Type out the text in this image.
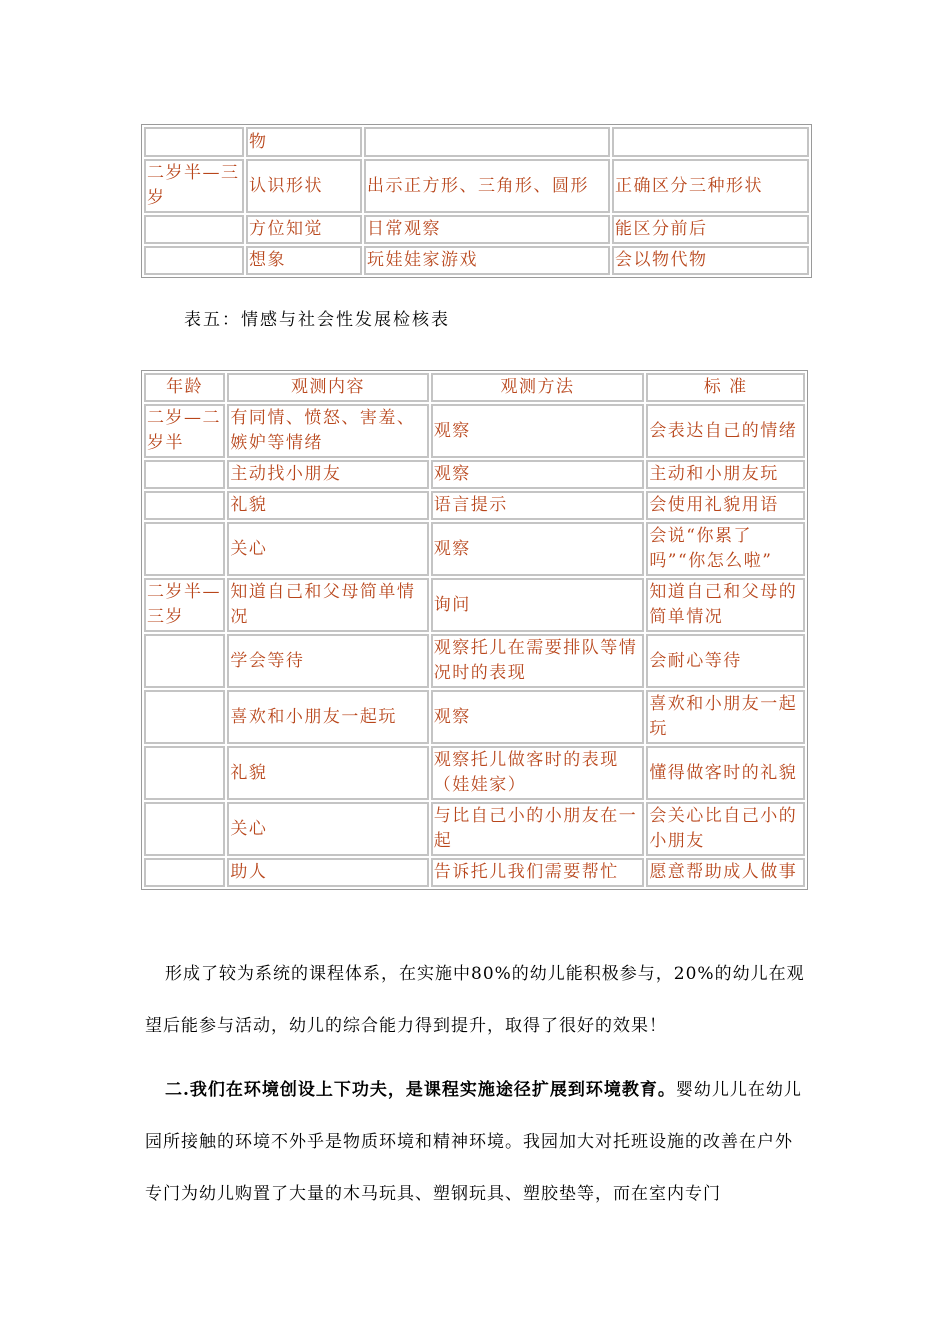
	物		
二岁半—三岁	认识形状	出示正方形、三角形、圆形	正确区分三种形状
	方位知觉	日常观察	能区分前后
	想象	玩娃娃家游戏	会以物代物
表五：情感与社会性发展检核表
年龄	观测内容	观测方法	标 准
二岁—二岁半	有同情、愤怒、害羞、嫉妒等情绪	观察	会表达自己的情绪
	主动找小朋友	观察	主动和小朋友玩
	礼貌	语言提示	会使用礼貌用语
	关心	观察	会说“你累了吗”“你怎么啦”
二岁半—三岁	知道自己和父母简单情况	询问	知道自己和父母的简单情况
	学会等待	观察托儿在需要排队等情况时的表现	会耐心等待
	喜欢和小朋友一起玩	观察	喜欢和小朋友一起玩
	礼貌	观察托儿做客时的表现（娃娃家）	懂得做客时的礼貌
	关心	与比自己小的小朋友在一起	会关心比自己小的小朋友
	助人	告诉托儿我们需要帮忙	愿意帮助成人做事
形成了较为系统的课程体系，在实施中80%的幼儿能积极参与，20%的幼儿在观望后能参与活动，幼儿的综合能力得到提升，取得了很好的效果！
二.我们在环境创设上下功夫，是课程实施途径扩展到环境教育。婴幼儿儿在幼儿园所接触的环境不外乎是物质环境和精神环境。我园加大对托班设施的改善在户外专门为幼儿购置了大量的木马玩具、塑钢玩具、塑胶垫等，而在室内专门
